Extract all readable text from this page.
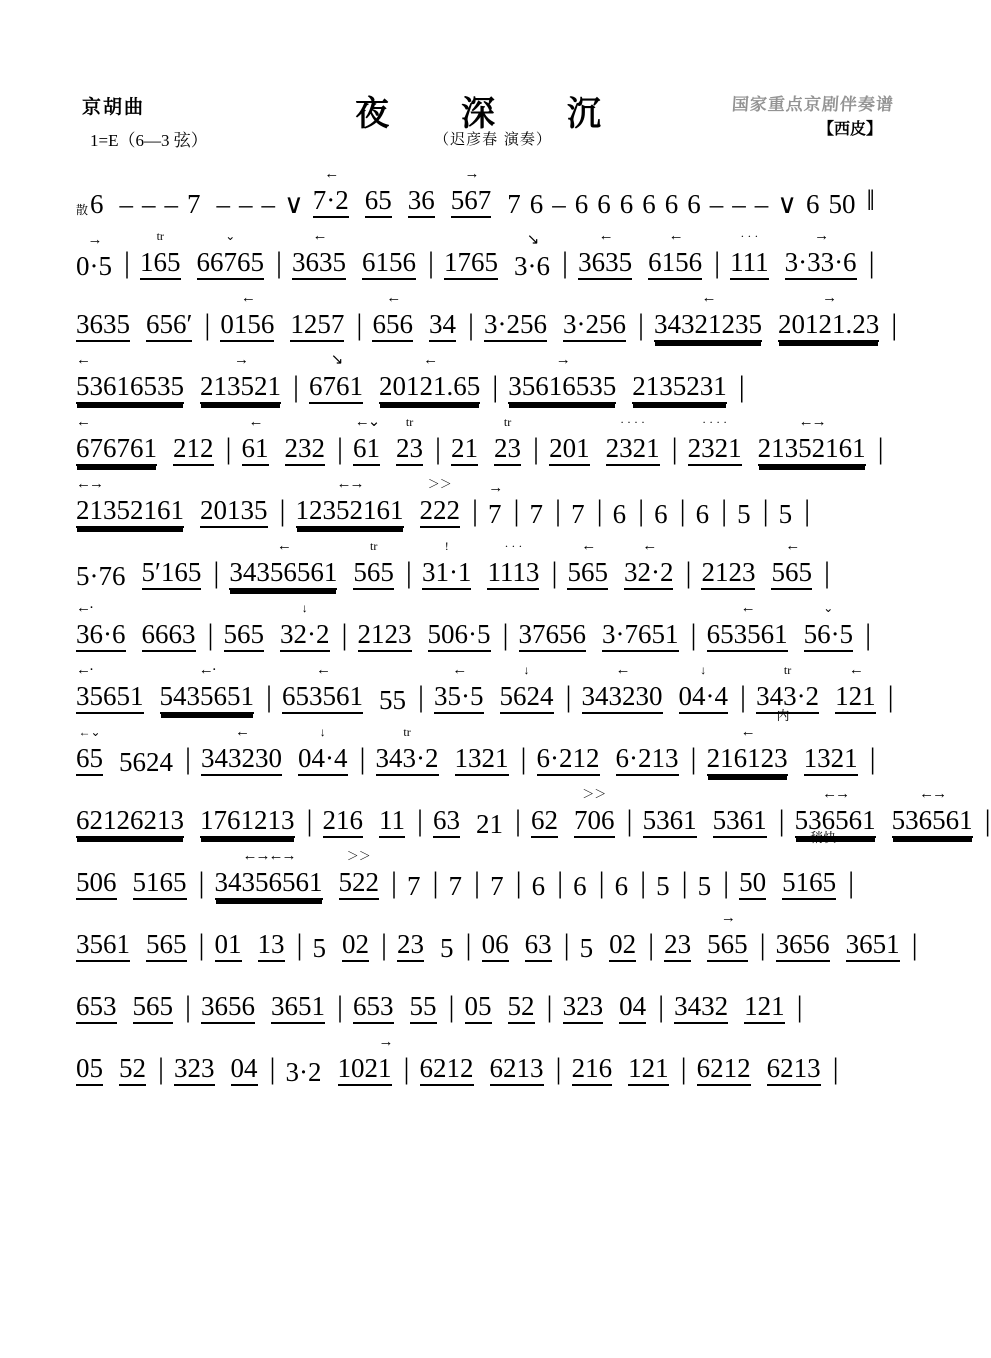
京胡曲
1=E（6—3 弦）
夜 深 沉
（迟彦春 演奏）
国家重点京剧伴奏谱
【西皮】
散 6 – – – 7 – – – ∨ 7·2
←
65 36 567
→
7 6 – 6 6 6 6 6 6 – – – ∨ 6 50 ‖
0·5
→
| 165
tr
66765
⌄
| 3635
←
6156 | 1765 3·6
↘
| 3635
←
6156
←
| 111
· · ·
3·33·6
→
|
3635 656′ | 0156
←
1257 | 656
←
34 | 3·256 3·256 | 34321235
←
20121.23
→
|
53616535
←
213521
→
| 6761
↘
20121.65
←
| 35616535
→
2135231 |
676761
←
212 | 61
←
232 | 61
←⌄
23
tr
| 21 23
tr
| 201 2321
· · · ·
| 2321
· · · ·
21352161
←→
|
21352161
←→
20135 | 12352161
←→
222
＞＞
| 7
→
| 7 | 7 | 6 | 6 | 6 | 5 | 5 |
5·76 5′165 | 34356561
←
565
tr
| 31·1
!
1113
· · ·
| 565
←
32·2
←
| 2123 565
←
|
36·6
←·
6663 | 565 32·2
↓
| 2123 506·5 | 37656 3·7651 | 653561
←
56·5
⌄
|
35651
←·
5435651
←·
| 653561
←
55 | 35·5
←
5624
↓
| 343230
←
04·4
↓
| 343·2
tr
121
←
|
65
←⌄
5624 | 343230
←
04·4
↓
| 343·2
tr
1321 | 6·212 6·213 | 216123
←
内
1321 |
62126213 1761213 | 216 11 | 63 21 | 62 706
＞＞
| 5361 5361 | 536561
←→
536561
←→
|
506 5165 | 34356561
←→←→
522
＞＞
| 7 | 7 | 7 | 6 | 6 | 6 | 5 | 5 | 50 5165
稍快
|
3561 565 | 01 13 | 5 02 | 23 5 | 06 63 | 5 02 | 23 565
→
| 3656 3651 |
653 565 | 3656 3651 | 653 55 | 05 52 | 323 04 | 3432 121 |
05 52 | 323 04 | 3·2 1021
→
| 6212 6213 | 216 121 | 6212 6213 |
